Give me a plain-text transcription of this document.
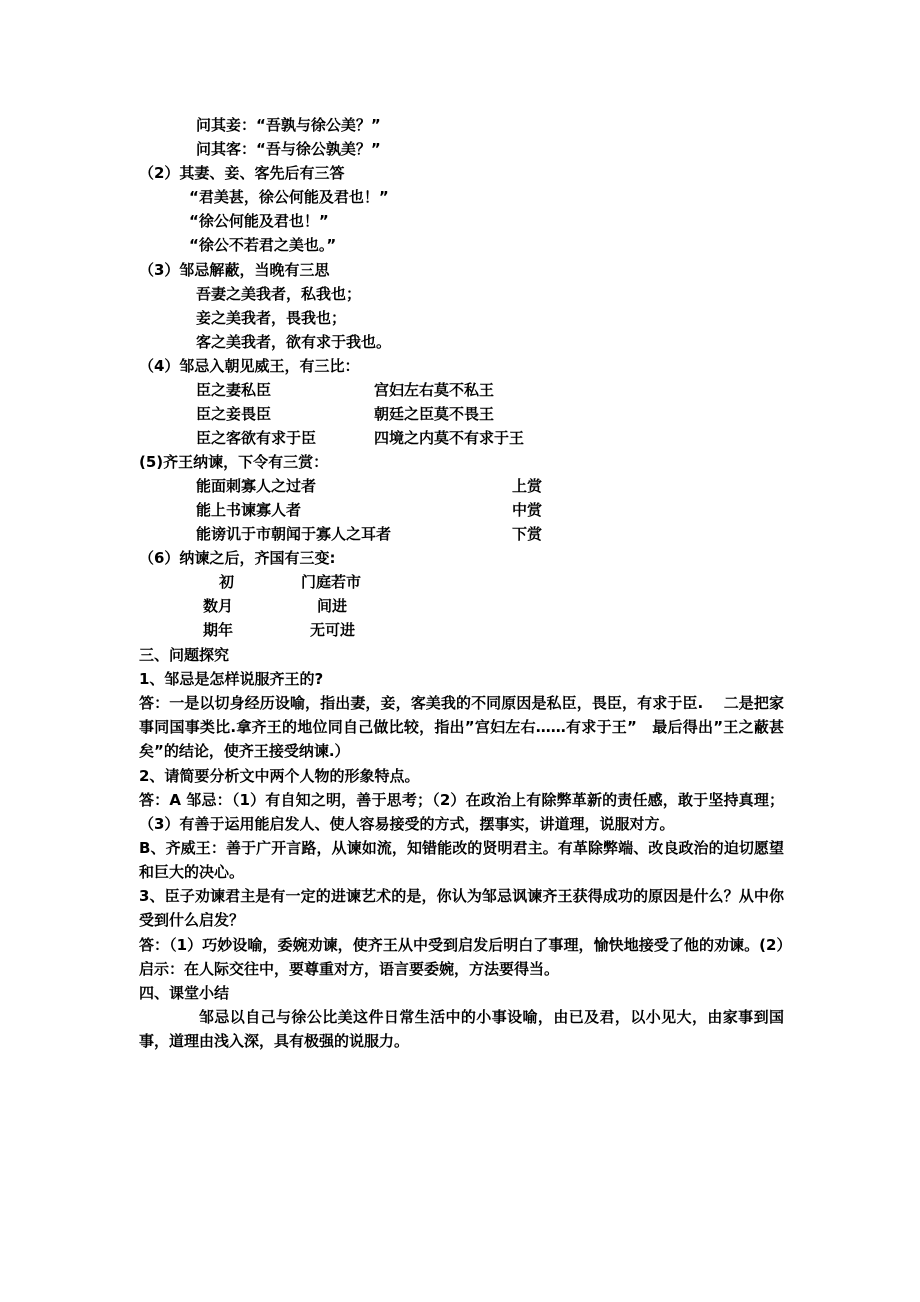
问其妾：“吾孰与徐公美？”
问其客：“吾与徐公孰美？”
（2）其妻、妾、客先后有三答
“君美甚，徐公何能及君也！”
“徐公何能及君也！”
“徐公不若君之美也。”
（3）邹忌解蔽，当晚有三思
吾妻之美我者，私我也；
妾之美我者，畏我也；
客之美我者，欲有求于我也。
（4）邹忌入朝见威王，有三比：
臣之妻私臣	宫妇左右莫不私王
臣之妾畏臣	朝廷之臣莫不畏王
臣之客欲有求于臣	四境之内莫不有求于王
(5)齐王纳谏，下令有三赏：
能面刺寡人之过者	上赏
能上书谏寡人者	中赏
能谤讥于市朝闻于寡人之耳者	下赏
（6）纳谏之后，齐国有三变:
初	门庭若市
数月	间进
期年	无可进
三、问题探究
1、邹忌是怎样说服齐王的?
答：一是以切身经历设喻，指出妻，妾，客美我的不同原因是私臣，畏臣，有求于臣.　 二是把家事同国事类比.拿齐王的地位同自己做比较，指出”宫妇左右……有求于王”　最后得出”王之蔽甚矣”的结论，使齐王接受纳谏.）
2、请简要分析文中两个人物的形象特点。
答：A 邹忌：（1）有自知之明，善于思考；（2）在政治上有除弊革新的责任感，敢于坚持真理；（3）有善于运用能启发人、使人容易接受的方式，摆事实，讲道理，说服对方。
B、齐威王：善于广开言路，从谏如流，知错能改的贤明君主。有革除弊端、改良政治的迫切愿望和巨大的决心。
3、臣子劝谏君主是有一定的进谏艺术的是，你认为邹忌讽谏齐王获得成功的原因是什么？从中你受到什么启发？
答：（1）巧妙设喻，委婉劝谏，使齐王从中受到启发后明白了事理，愉快地接受了他的劝谏。(2）启示：在人际交往中，要尊重对方，语言要委婉，方法要得当。
四、课堂小结
邹忌以自己与徐公比美这件日常生活中的小事设喻，由已及君，以小见大，由家事到国事，道理由浅入深，具有极强的说服力。
